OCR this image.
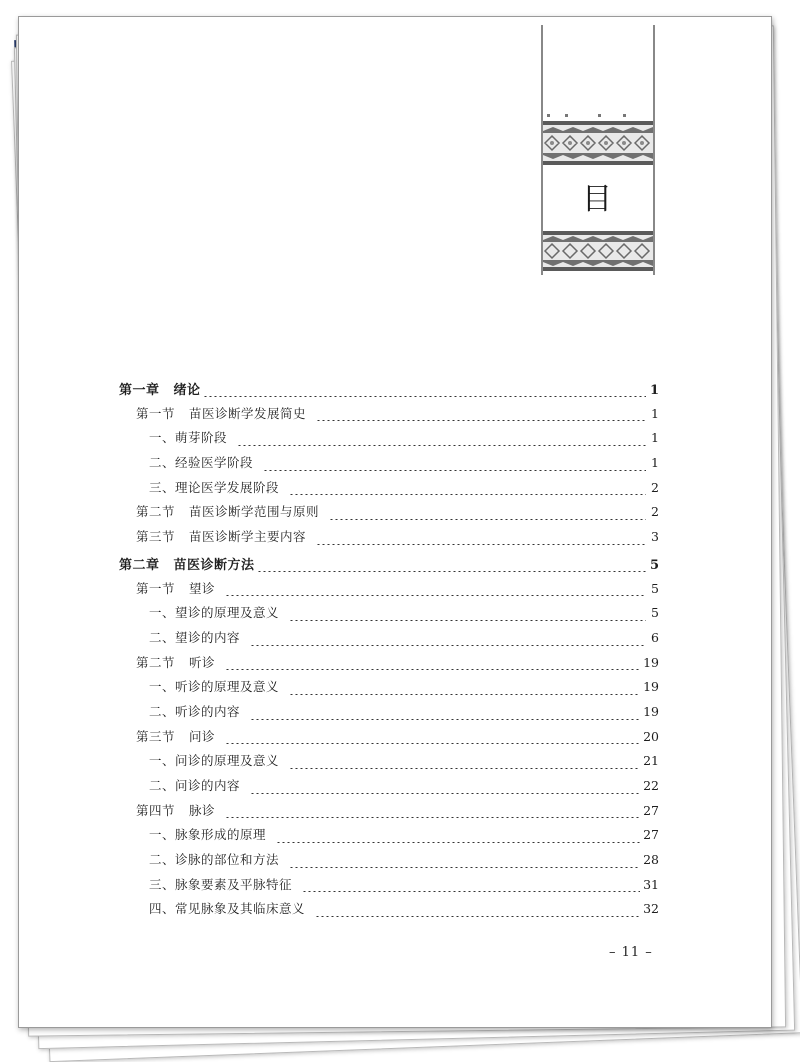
目
第一章 绪论	1
第一节 苗医诊断学发展简史	1
一、萌芽阶段	1
二、经验医学阶段	1
三、理论医学发展阶段	2
第二节 苗医诊断学范围与原则	2
第三节 苗医诊断学主要内容	3
第二章 苗医诊断方法	5
第一节 望诊	5
一、望诊的原理及意义	5
二、望诊的内容	6
第二节 听诊	19
一、听诊的原理及意义	19
二、听诊的内容	19
第三节 问诊	20
一、问诊的原理及意义	21
二、问诊的内容	22
第四节 脉诊	27
一、脉象形成的原理	27
二、诊脉的部位和方法	28
三、脉象要素及平脉特征	31
四、常见脉象及其临床意义	32
– 11 –
